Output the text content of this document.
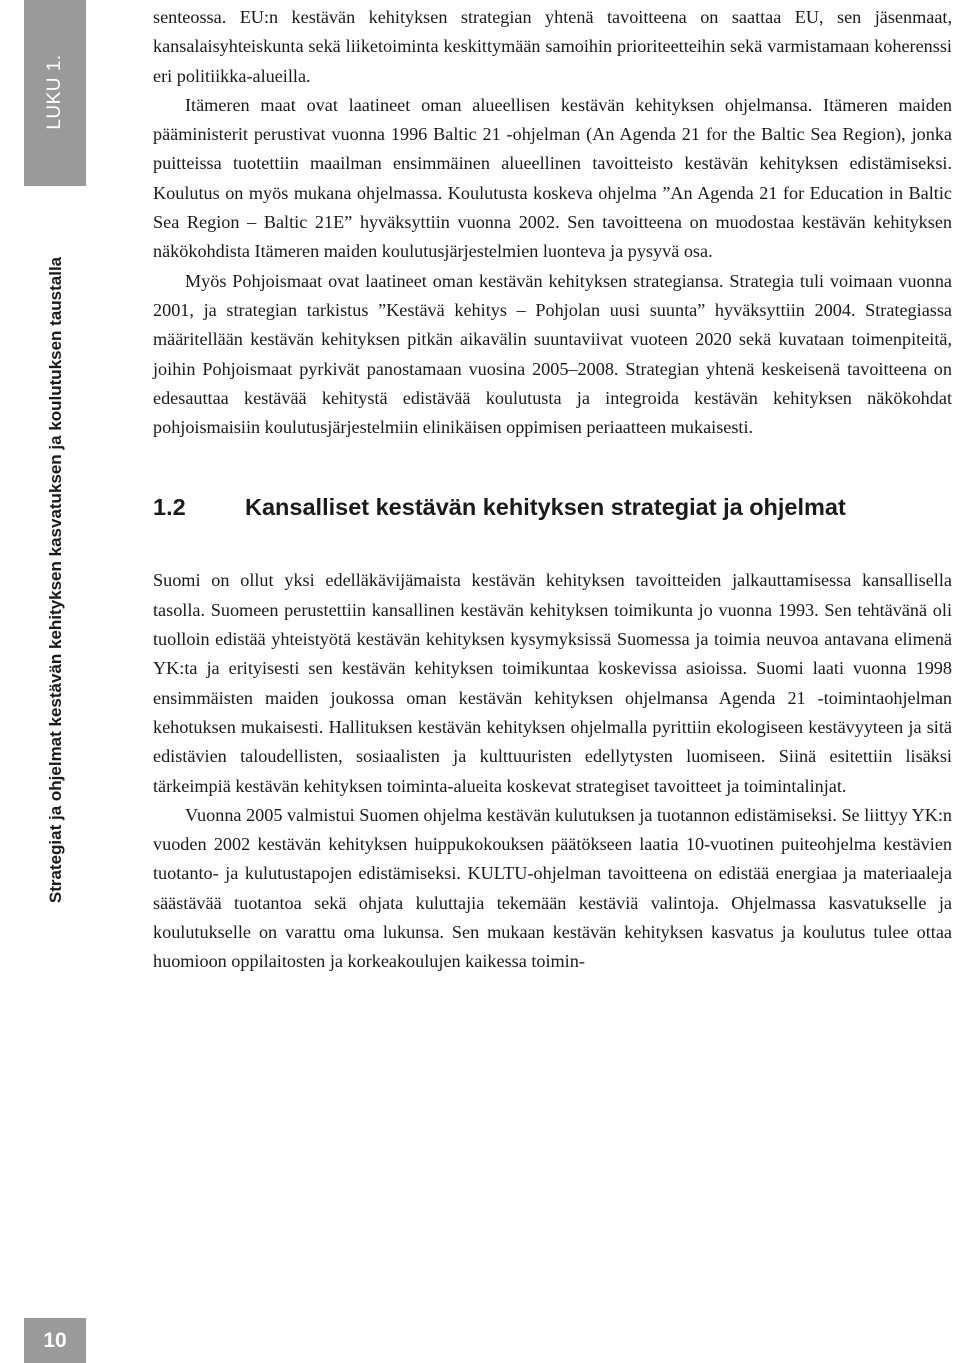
LUKU 1.
Strategiat ja ohjelmat kestävän kehityksen kasvatuksen ja koulutuksen taustalla
10

senteossa. EU:n kestävän kehityksen strategian yhtenä tavoitteena on saattaa EU, sen jäsenmaat, kansalaisyhteiskunta sekä liiketoiminta keskittymään samoihin prioriteetteihin sekä varmistamaan koherenssi eri politiikka-alueilla.

Itämeren maat ovat laatineet oman alueellisen kestävän kehityksen ohjelmansa. Itämeren maiden pääministerit perustivat vuonna 1996 Baltic 21 -ohjelman (An Agenda 21 for the Baltic Sea Region), jonka puitteissa tuotettiin maailman ensimmäinen alueellinen tavoitteisto kestävän kehityksen edistämiseksi. Koulutus on myös mukana ohjelmassa. Koulutusta koskeva ohjelma ”An Agenda 21 for Education in Baltic Sea Region – Baltic 21E” hyväksyttiin vuonna 2002. Sen tavoitteena on muodostaa kestävän kehityksen näkökohdista Itämeren maiden koulutusjärjestelmien luonteva ja pysyvä osa.

Myös Pohjoismaat ovat laatineet oman kestävän kehityksen strategiansa. Strategia tuli voimaan vuonna 2001, ja strategian tarkistus ”Kestävä kehitys – Pohjolan uusi suunta” hyväksyttiin 2004. Strategiassa määritellään kestävän kehityksen pitkän aikavälin suuntaviivat vuoteen 2020 sekä kuvataan toimenpiteitä, joihin Pohjoismaat pyrkivät panostamaan vuosina 2005–2008. Strategian yhtenä keskeisenä tavoitteena on edesauttaa kestävää kehitystä edistävää koulutusta ja integroida kestävän kehityksen näkökohdat pohjoismaisiin koulutusjärjestelmiin elinikäisen oppimisen periaatteen mukaisesti.

1.2	Kansalliset kestävän kehityksen strategiat ja ohjelmat

Suomi on ollut yksi edelläkävijämaista kestävän kehityksen tavoitteiden jalkauttamisessa kansallisella tasolla. Suomeen perustettiin kansallinen kestävän kehityksen toimikunta jo vuonna 1993. Sen tehtävänä oli tuolloin edistää yhteistyötä kestävän kehityksen kysymyksissä Suomessa ja toimia neuvoa antavana elimenä YK:ta ja erityisesti sen kestävän kehityksen toimikuntaa koskevissa asioissa. Suomi laati vuonna 1998 ensimmäisten maiden joukossa oman kestävän kehityksen ohjelmansa Agenda 21 -toimintaohjelman kehotuksen mukaisesti. Hallituksen kestävän kehityksen ohjelmalla pyrittiin ekologiseen kestävyyteen ja sitä edistävien taloudellisten, sosiaalisten ja kulttuuristen edellytysten luomiseen. Siinä esitettiin lisäksi tärkeimpiä kestävän kehityksen toiminta-alueita koskevat strategiset tavoitteet ja toimintalinjat.

Vuonna 2005 valmistui Suomen ohjelma kestävän kulutuksen ja tuotannon edistämiseksi. Se liittyy YK:n vuoden 2002 kestävän kehityksen huippukokouksen päätökseen laatia 10-vuotinen puiteohjelma kestävien tuotanto- ja kulutustapojen edistämiseksi. KULTU-ohjelman tavoitteena on edistää energiaa ja materiaaleja säästävää tuotantoa sekä ohjata kuluttajia tekemään kestäviä valintoja. Ohjelmassa kasvatukselle ja koulutukselle on varattu oma lukunsa. Sen mukaan kestävän kehityksen kasvatus ja koulutus tulee ottaa huomioon oppilaitosten ja korkeakoulujen kaikessa toimin-
